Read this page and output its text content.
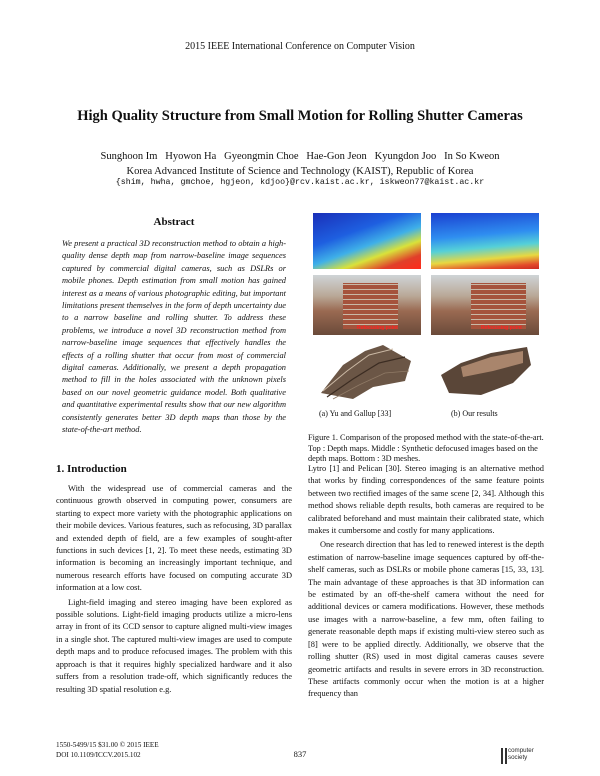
2015 IEEE International Conference on Computer Vision
High Quality Structure from Small Motion for Rolling Shutter Cameras
Sunghoon Im   Hyowon Ha   Gyeongmin Choe   Hae-Gon Jeon   Kyungdon Joo   In So Kweon
Korea Advanced Institute of Science and Technology (KAIST), Republic of Korea
{shim, hwha, gmchoe, hgjeon, kdjoo}@rcv.kaist.ac.kr, iskweon77@kaist.ac.kr
Abstract
We present a practical 3D reconstruction method to obtain a high-quality dense depth map from narrow-baseline image sequences captured by commercial digital cameras, such as DSLRs or mobile phones. Depth estimation from small motion has gained interest as a means of various photographic editing, but important limitations present themselves in the form of depth uncertainty due to a narrow baseline and rolling shutter. To address these problems, we introduce a novel 3D reconstruction method from narrow-baseline image sequences that effectively handles the effects of a rolling shutter that occur from most of commercial digital cameras. Additionally, we present a depth propagation method to fill in the holes associated with the unknown pixels based on our novel geometric guidance model. Both qualitative and quantitative experimental results show that our new algorithm consistently generates better 3D depth maps than those by the state-of-the-art method.
Refocusing point	Refocusing point
(a) Yu and Gallup [33]	(b) Our results
Figure 1. Comparison of the proposed method with the state-of-the-art. Top : Depth maps. Middle : Synthetic defocused images based on the depth maps. Bottom : 3D meshes.
1. Introduction

With the widespread use of commercial cameras and the continuous growth observed in computing power, consumers are starting to expect more variety with the photographic applications on their mobile devices. Various features, such as refocusing, 3D parallax and extended depth of field, are a few examples of sought-after functions in such devices [1, 2]. To meet these needs, estimating 3D information is becoming an increasingly important technique, and numerous research efforts have focused on computing accurate 3D information at a low cost.

Light-field imaging and stereo imaging have been explored as possible solutions. Light-field imaging products utilize a micro-lens array in front of its CCD sensor to capture aligned multi-view images in a single shot. The captured multi-view images are used to compute depth maps and to produce refocused images. The problem with this approach is that it requires highly specialized hardware and it also suffers from a resolution trade-off, which significantly reduces the resulting 3D spatial resolution e.g.

Lytro [1] and Pelican [30]. Stereo imaging is an alternative method that works by finding correspondences of the same feature points between two rectified images of the same scene [2, 34]. Although this method shows reliable depth results, both cameras are required to be calibrated beforehand and must maintain their calibrated state, which makes it cumbersome and costly for many applications.

One research direction that has led to renewed interest is the depth estimation of narrow-baseline image sequences captured by off-the-shelf cameras, such as DSLRs or mobile phone cameras [15, 33, 13]. The main advantage of these approaches is that 3D information can be estimated by an off-the-shelf camera without the need for additional devices or camera modifications. However, these methods use images with a narrow-baseline, a few mm, often failing to generate reasonable depth maps if existing multi-view stereo such as [8] were to be applied directly. Additionally, we observe that the rolling shutter (RS) used in most digital cameras causes severe geometric artifacts and results in severe errors in 3D reconstruction. These artifacts commonly occur when the motion is at a higher frequency than

1550-5499/15 $31.00 © 2015 IEEE
DOI 10.1109/ICCV.2015.102	837	computer
society
